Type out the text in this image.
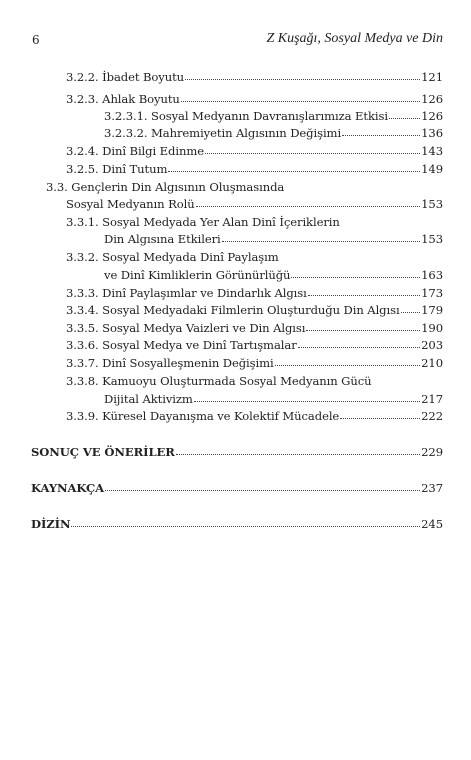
6	Z Kuşağı, Sosyal Medya ve Din
3.2.2. İbadet Boyutu	121
3.2.3. Ahlak Boyutu	126
3.2.3.1. Sosyal Medyanın Davranışlarımıza Etkisi	126
3.2.3.2. Mahremiyetin Algısının Değişimi	136
3.2.4. Dinî Bilgi Edinme	143
3.2.5. Dinî Tutum	149
3.3. Gençlerin Din Algısının Oluşmasında
Sosyal Medyanın Rolü	153
3.3.1. Sosyal Medyada Yer Alan Dinî İçeriklerin
Din Algısına Etkileri	153
3.3.2. Sosyal Medyada Dinî Paylaşım
ve Dinî Kimliklerin Görünürlüğü	163
3.3.3. Dinî Paylaşımlar ve Dindarlık Algısı	173
3.3.4. Sosyal Medyadaki Filmlerin Oluşturduğu Din Algısı 179
3.3.5. Sosyal Medya Vaizleri ve Din Algısı	190
3.3.6. Sosyal Medya ve Dinî Tartışmalar	203
3.3.7. Dinî Sosyalleşmenin Değişimi	210
3.3.8. Kamuoyu Oluşturmada Sosyal Medyanın Gücü
Dijital Aktivizm	217
3.3.9. Küresel Dayanışma ve Kolektif Mücadele	222
SONUÇ VE ÖNERİLER	229
KAYNAKÇA	237
DİZİN	245
